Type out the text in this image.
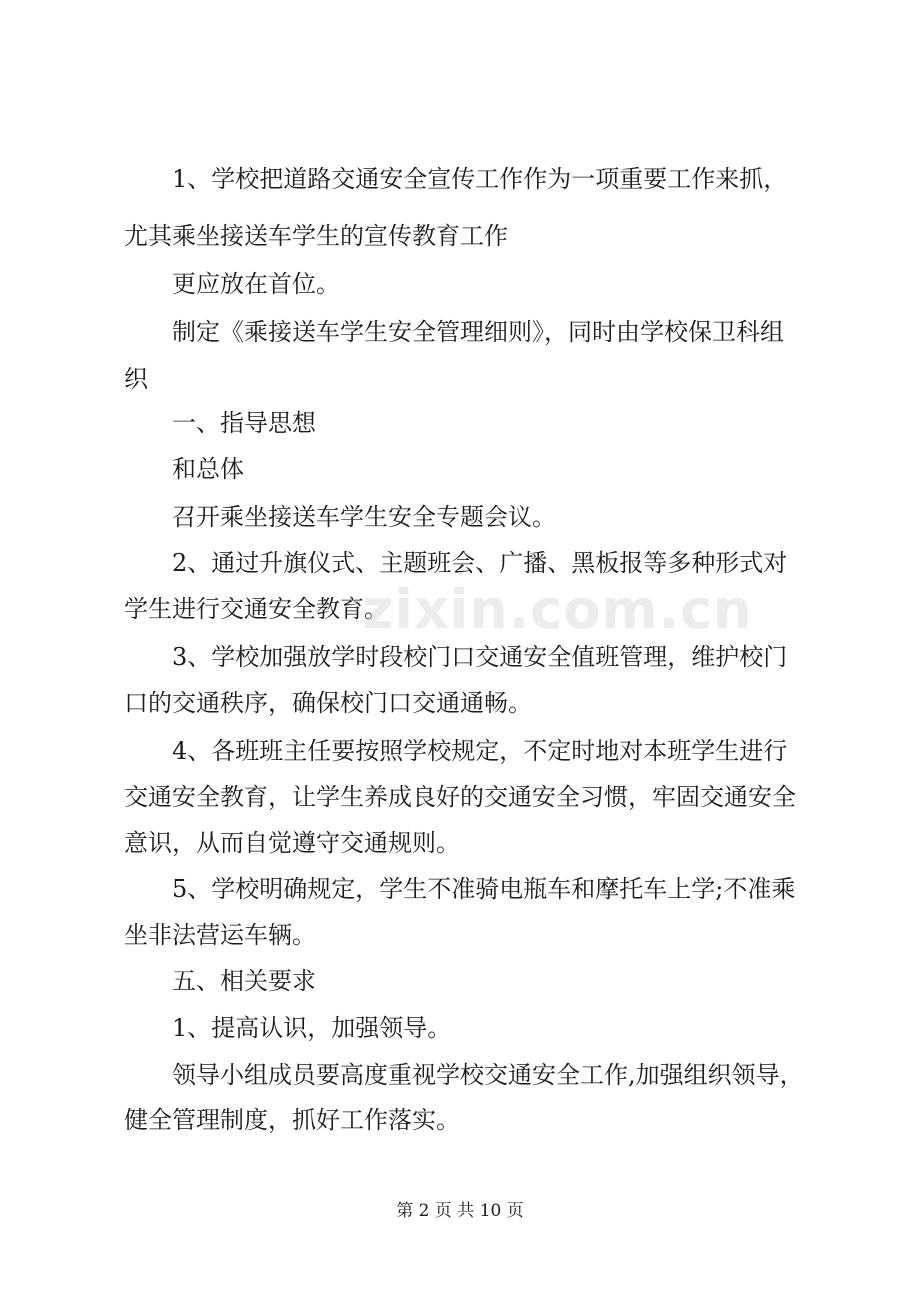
1、学校把道路交通安全宣传工作作为一项重要工作来抓，

尤其乘坐接送车学生的宣传教育工作

更应放在首位。

制定《乘接送车学生安全管理细则》，同时由学校保卫科组

织

一、指导思想

和总体

召开乘坐接送车学生安全专题会议。

2、通过升旗仪式、主题班会、广播、黑板报等多种形式对

学生进行交通安全教育。

3、学校加强放学时段校门口交通安全值班管理，维护校门

口的交通秩序，确保校门口交通通畅。

4、各班班主任要按照学校规定，不定时地对本班学生进行

交通安全教育，让学生养成良好的交通安全习惯，牢固交通安全

意识，从而自觉遵守交通规则。

5、学校明确规定，学生不准骑电瓶车和摩托车上学;不准乘

坐非法营运车辆。

五、相关要求

1、提高认识，加强领导。

领导小组成员要高度重视学校交通安全工作,加强组织领导，

健全管理制度，抓好工作落实。

zixin.com.cn
第 2 页 共 10 页
